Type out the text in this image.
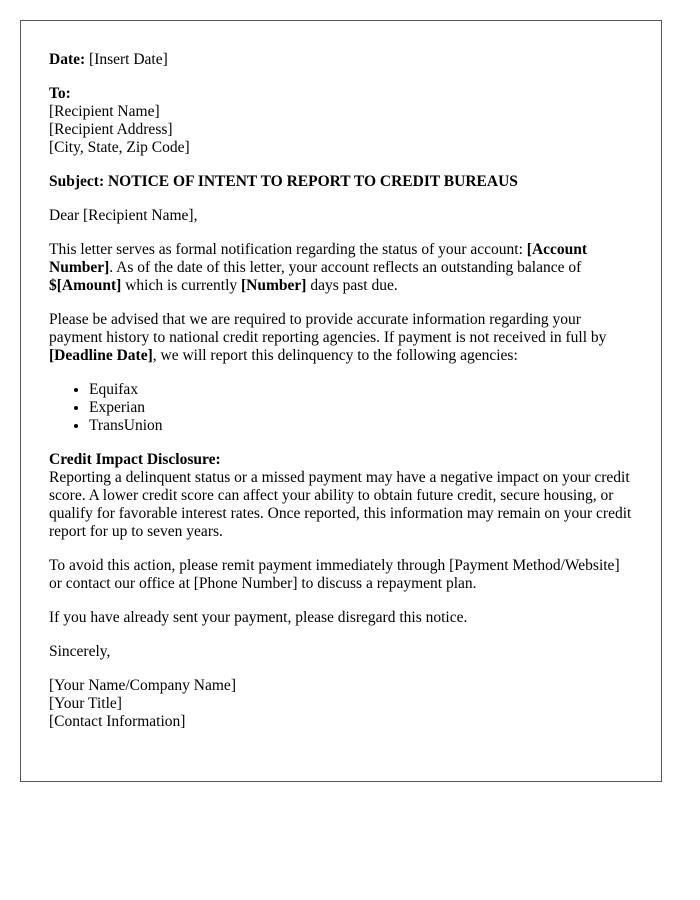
Date: [Insert Date]

To:
[Recipient Name]
[Recipient Address]
[City, State, Zip Code]

Subject: NOTICE OF INTENT TO REPORT TO CREDIT BUREAUS

Dear [Recipient Name],

This letter serves as formal notification regarding the status of your account: [Account Number]. As of the date of this letter, your account reflects an outstanding balance of $[Amount] which is currently [Number] days past due.

Please be advised that we are required to provide accurate information regarding your payment history to national credit reporting agencies. If payment is not received in full by [Deadline Date], we will report this delinquency to the following agencies:

• Equifax
• Experian
• TransUnion

Credit Impact Disclosure:
Reporting a delinquent status or a missed payment may have a negative impact on your credit score. A lower credit score can affect your ability to obtain future credit, secure housing, or qualify for favorable interest rates. Once reported, this information may remain on your credit report for up to seven years.

To avoid this action, please remit payment immediately through [Payment Method/Website] or contact our office at [Phone Number] to discuss a repayment plan.

If you have already sent your payment, please disregard this notice.

Sincerely,

[Your Name/Company Name]
[Your Title]
[Contact Information]
